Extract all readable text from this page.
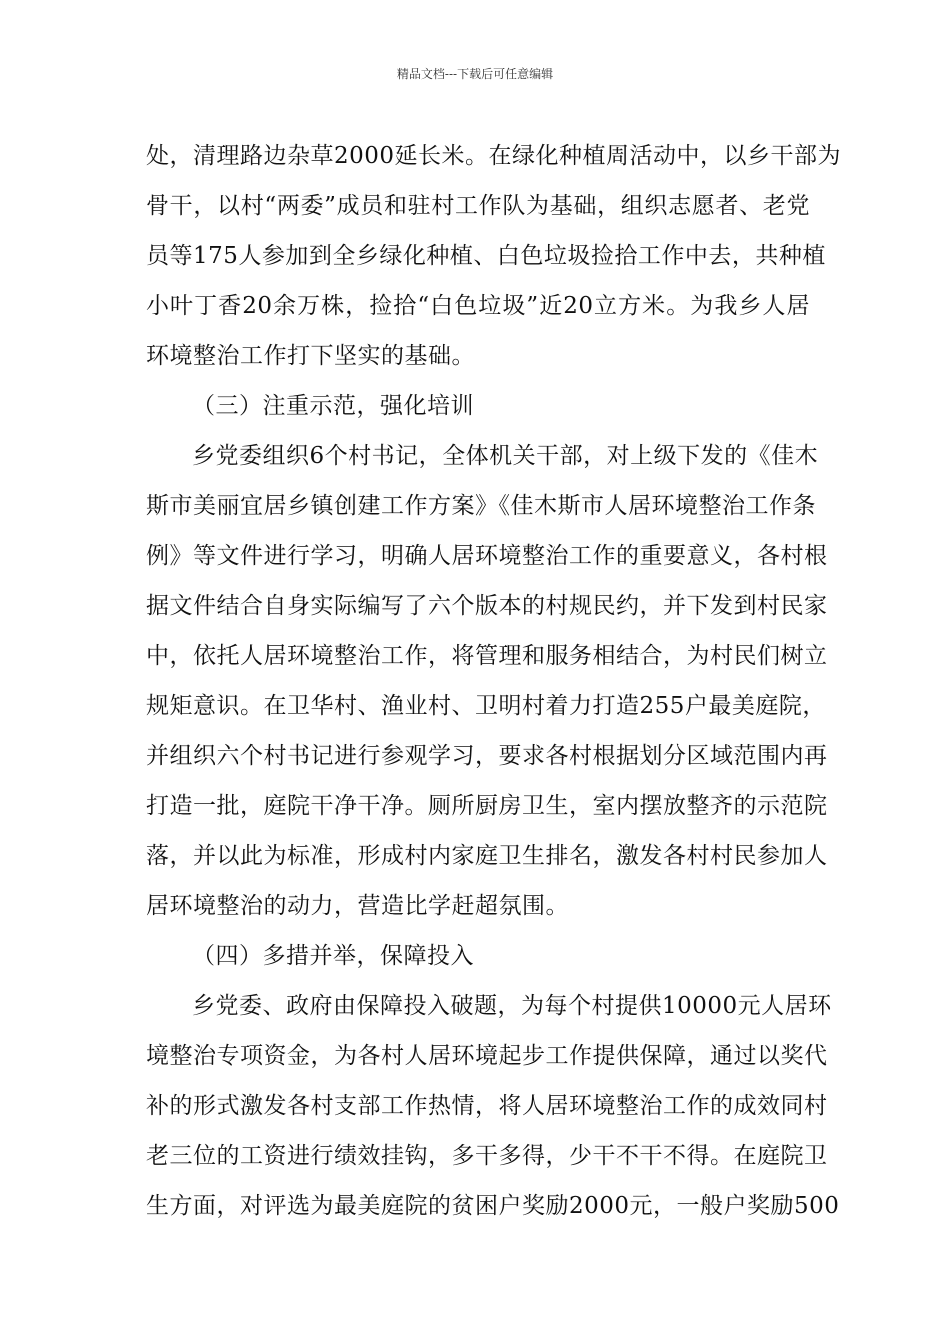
精品文档---下载后可任意编辑
处，清理路边杂草2000延长米。在绿化种植周活动中，以乡干部为
骨干，以村“两委”成员和驻村工作队为基础，组织志愿者、老党
员等175人参加到全乡绿化种植、白色垃圾捡拾工作中去，共种植
小叶丁香20余万株，捡拾“白色垃圾”近20立方米。为我乡人居
环境整治工作打下坚实的基础。
（三）注重示范，强化培训
乡党委组织6个村书记，全体机关干部，对上级下发的《佳木
斯市美丽宜居乡镇创建工作方案》《佳木斯市人居环境整治工作条
例》等文件进行学习，明确人居环境整治工作的重要意义，各村根
据文件结合自身实际编写了六个版本的村规民约，并下发到村民家
中，依托人居环境整治工作，将管理和服务相结合，为村民们树立
规矩意识。在卫华村、渔业村、卫明村着力打造255户最美庭院，
并组织六个村书记进行参观学习，要求各村根据划分区域范围内再
打造一批，庭院干净干净。厕所厨房卫生，室内摆放整齐的示范院
落，并以此为标准，形成村内家庭卫生排名，激发各村村民参加人
居环境整治的动力，营造比学赶超氛围。
（四）多措并举，保障投入
乡党委、政府由保障投入破题，为每个村提供10000元人居环
境整治专项资金，为各村人居环境起步工作提供保障，通过以奖代
补的形式激发各村支部工作热情，将人居环境整治工作的成效同村
老三位的工资进行绩效挂钩，多干多得，少干不干不得。在庭院卫
生方面，对评选为最美庭院的贫困户奖励2000元，一般户奖励500
